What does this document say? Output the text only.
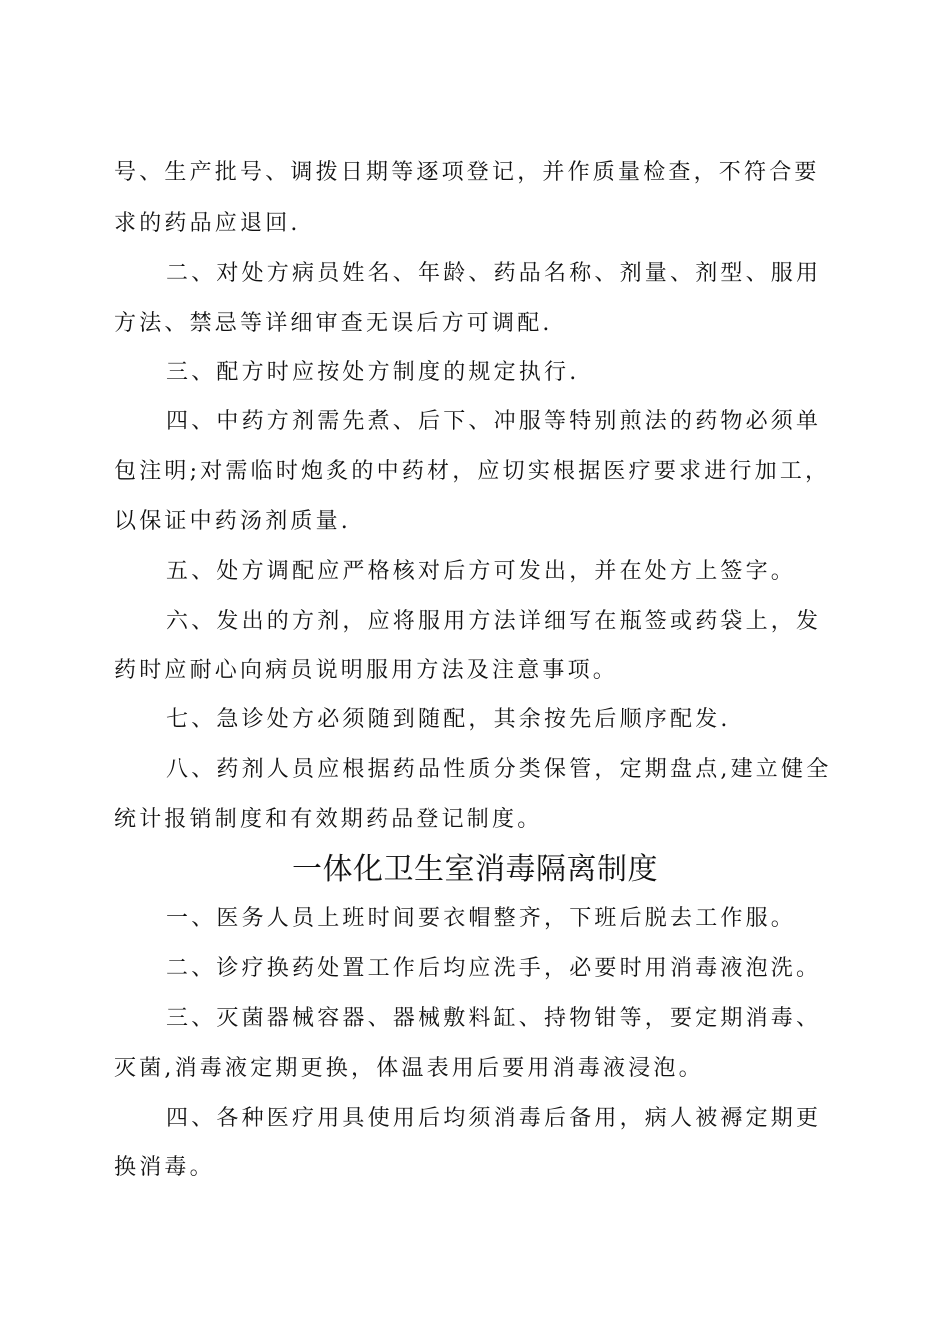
号、生产批号、调拨日期等逐项登记，并作质量检查，不符合要
求的药品应退回.
二、对处方病员姓名、年龄、药品名称、剂量、剂型、服用
方法、禁忌等详细审查无误后方可调配.
三、配方时应按处方制度的规定执行.
四、中药方剂需先煮、后下、冲服等特别煎法的药物必须单
包注明;对需临时炮炙的中药材，应切实根据医疗要求进行加工，
以保证中药汤剂质量.
五、处方调配应严格核对后方可发出，并在处方上签字。
六、发出的方剂，应将服用方法详细写在瓶签或药袋上，发
药时应耐心向病员说明服用方法及注意事项。
七、急诊处方必须随到随配，其余按先后顺序配发.
八、药剂人员应根据药品性质分类保管，定期盘点,建立健全
统计报销制度和有效期药品登记制度。
一体化卫生室消毒隔离制度
一、医务人员上班时间要衣帽整齐，下班后脱去工作服。
二、诊疗换药处置工作后均应洗手，必要时用消毒液泡洗。
三、灭菌器械容器、器械敷料缸、持物钳等，要定期消毒、
灭菌,消毒液定期更换，体温表用后要用消毒液浸泡。
四、各种医疗用具使用后均须消毒后备用，病人被褥定期更
换消毒。
